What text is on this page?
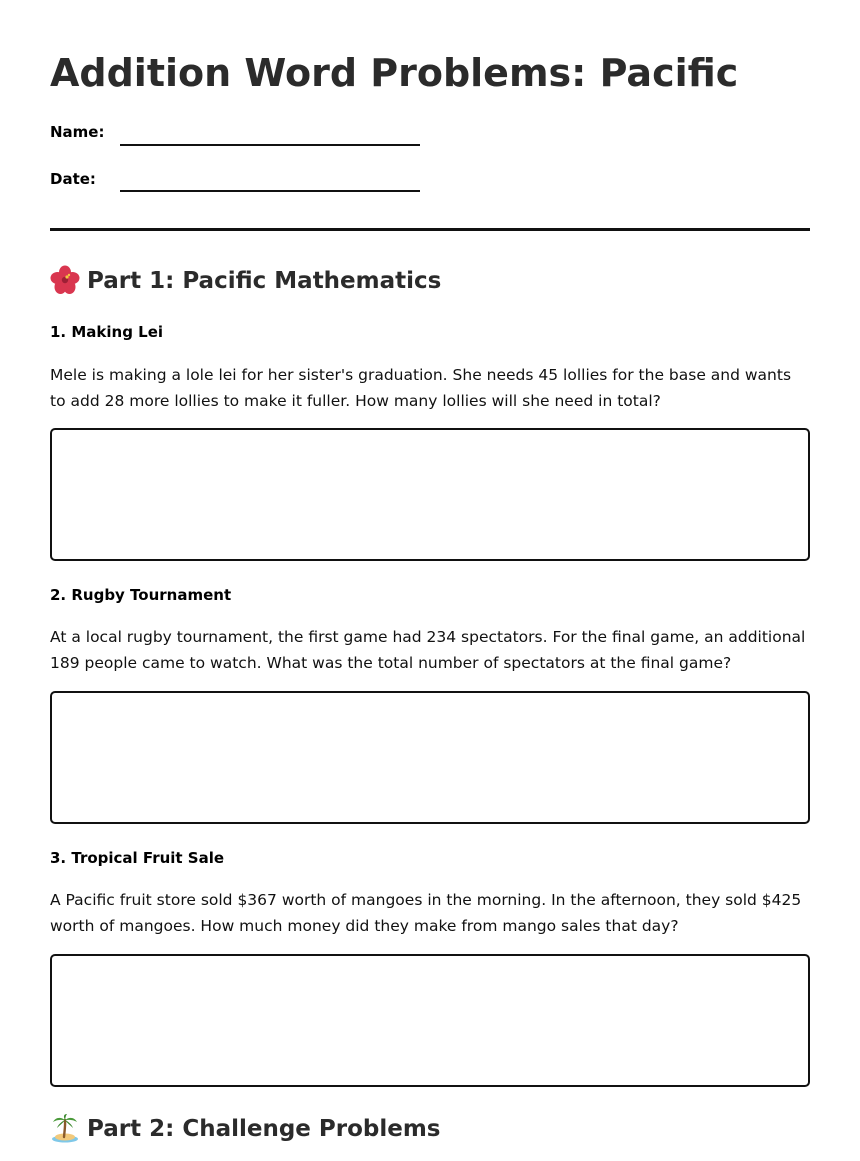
Addition Word Problems: Pacific
Name:
Date:
Part 1: Pacific Mathematics
1. Making Lei

Mele is making a lole lei for her sister's graduation. She needs 45 lollies for the base and wants to add 28 more lollies to make it fuller. How many lollies will she need in total?

2. Rugby Tournament

At a local rugby tournament, the first game had 234 spectators. For the final game, an additional 189 people came to watch. What was the total number of spectators at the final game?

3. Tropical Fruit Sale

A Pacific fruit store sold $367 worth of mangoes in the morning. In the afternoon, they sold $425 worth of mangoes. How much money did they make from mango sales that day?

Part 2: Challenge Problems
